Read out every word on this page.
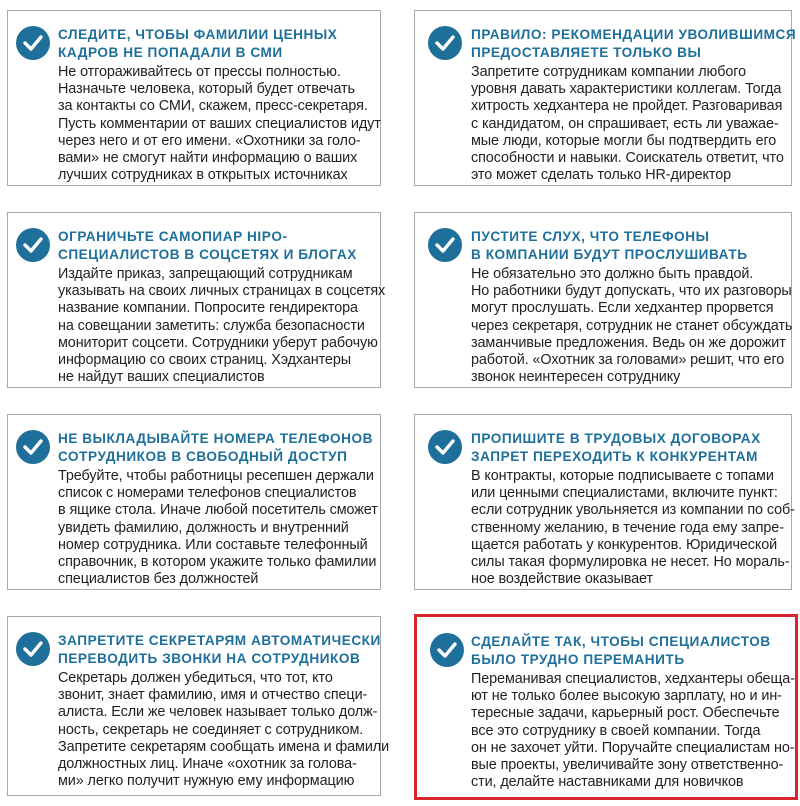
СЛЕДИТЕ, ЧТОБЫ ФАМИЛИИ ЦЕННЫХ
КАДРОВ НЕ ПОПАДАЛИ В СМИ
Не отгораживайтесь от прессы полностью.
Назначьте человека, который будет отвечать
за контакты со СМИ, скажем, пресс-секретаря.
Пусть комментарии от ваших специалистов идут
через него и от его имени. «Охотники за голо-
вами» не смогут найти информацию о ваших
лучших сотрудниках в открытых источниках
ПРАВИЛО: РЕКОМЕНДАЦИИ УВОЛИВШИМСЯ
ПРЕДОСТАВЛЯЕТЕ ТОЛЬКО ВЫ
Запретите сотрудникам компании любого
уровня давать характеристики коллегам. Тогда
хитрость хедхантера не пройдет. Разговаривая
с кандидатом, он спрашивает, есть ли уважае-
мые люди, которые могли бы подтвердить его
способности и навыки. Соискатель ответит, что
это может сделать только HR-директор
ОГРАНИЧЬТЕ САМОПИАР HIPO-
СПЕЦИАЛИСТОВ В СОЦСЕТЯХ И БЛОГАХ
Издайте приказ, запрещающий сотрудникам
указывать на своих личных страницах в соцсетях
название компании. Попросите гендиректора
на совещании заметить: служба безопасности
мониторит соцсети. Сотрудники уберут рабочую
информацию со своих страниц. Хэдхантеры
не найдут ваших специалистов
ПУСТИТЕ СЛУХ, ЧТО ТЕЛЕФОНЫ
В КОМПАНИИ БУДУТ ПРОСЛУШИВАТЬ
Не обязательно это должно быть правдой.
Но работники будут допускать, что их разговоры
могут прослушать. Если хедхантер прорвется
через секретаря, сотрудник не станет обсуждать
заманчивые предложения. Ведь он же дорожит
работой. «Охотник за головами» решит, что его
звонок неинтересен сотруднику
НЕ ВЫКЛАДЫВАЙТЕ НОМЕРА ТЕЛЕФОНОВ
СОТРУДНИКОВ В СВОБОДНЫЙ ДОСТУП
Требуйте, чтобы работницы ресепшен держали
список с номерами телефонов специалистов
в ящике стола. Иначе любой посетитель сможет
увидеть фамилию, должность и внутренний
номер сотрудника. Или составьте телефонный
справочник, в котором укажите только фамилии
специалистов без должностей
ПРОПИШИТЕ В ТРУДОВЫХ ДОГОВОРАХ
ЗАПРЕТ ПЕРЕХОДИТЬ К КОНКУРЕНТАМ
В контракты, которые подписываете с топами
или ценными специалистами, включите пункт:
если сотрудник увольняется из компании по соб-
ственному желанию, в течение года ему запре-
щается работать у конкурентов. Юридической
силы такая формулировка не несет. Но мораль-
ное воздействие оказывает
ЗАПРЕТИТЕ СЕКРЕТАРЯМ АВТОМАТИЧЕСКИ
ПЕРЕВОДИТЬ ЗВОНКИ НА СОТРУДНИКОВ
Секретарь должен убедиться, что тот, кто
звонит, знает фамилию, имя и отчество специ-
алиста. Если же человек называет только долж-
ность, секретарь не соединяет с сотрудником.
Запретите секретарям сообщать имена и фамили
должностных лиц. Иначе «охотник за голова-
ми» легко получит нужную ему информацию
СДЕЛАЙТЕ ТАК, ЧТОБЫ СПЕЦИАЛИСТОВ
БЫЛО ТРУДНО ПЕРЕМАНИТЬ
Переманивая специалистов, хедхантеры обеща-
ют не только более высокую зарплату, но и ин-
тересные задачи, карьерный рост. Обеспечьте
все это сотруднику в своей компании. Тогда
он не захочет уйти. Поручайте специалистам но-
вые проекты, увеличивайте зону ответственно-
сти, делайте наставниками для новичков
